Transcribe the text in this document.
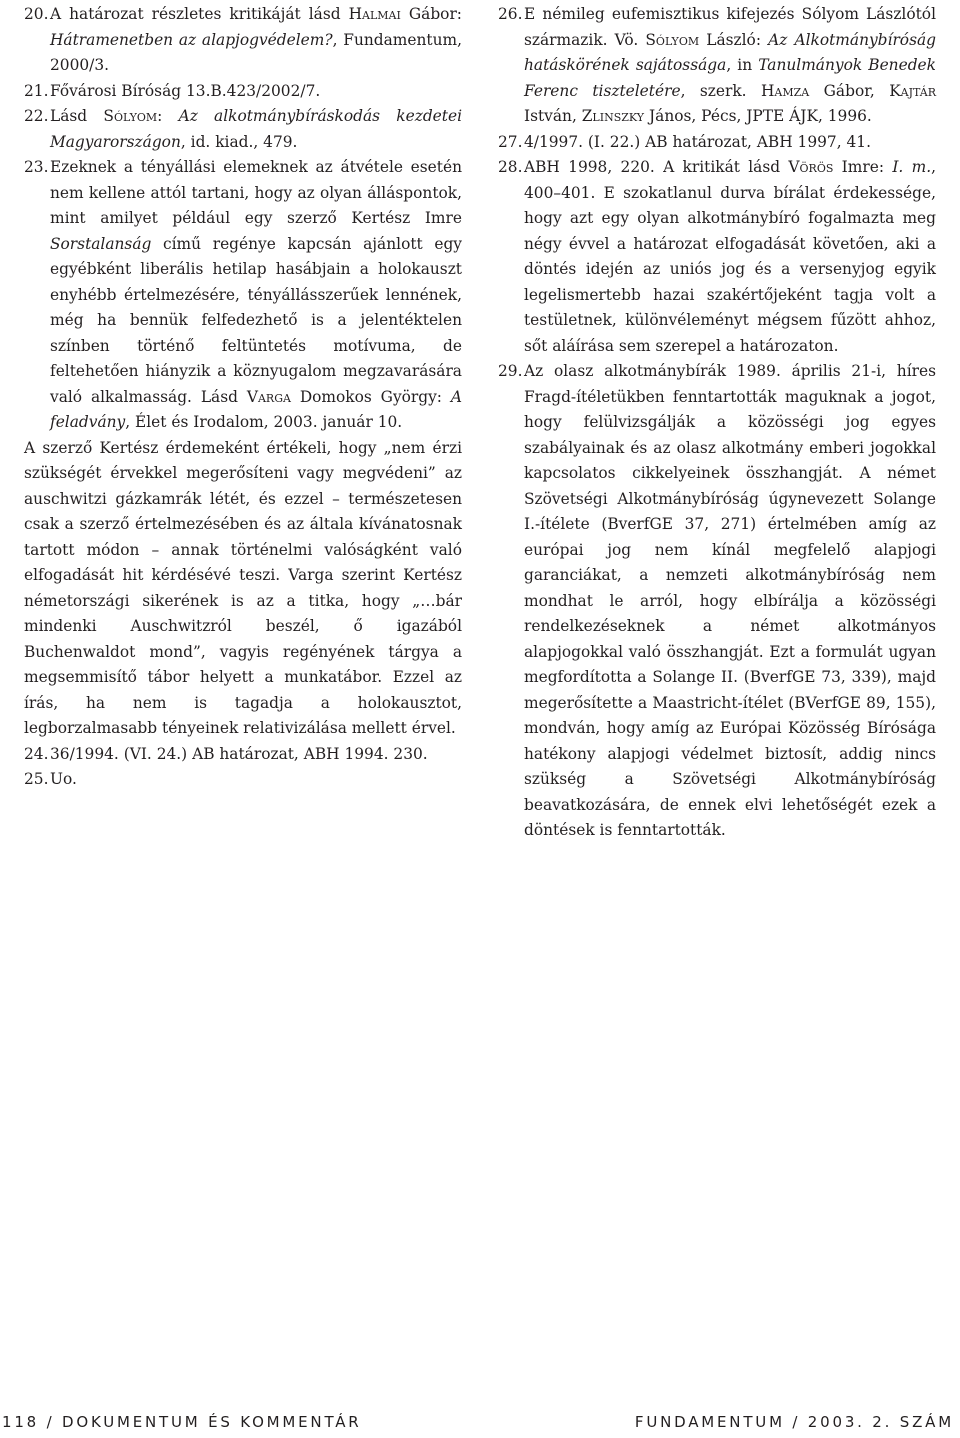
20.A határozat részletes kritikáját lásd Halmai Gábor: Hátramenetben az alapjogvédelem?, Fundamentum, 2000/3.

21.Fővárosi Bíróság 13.B.423/2002/7.

22.Lásd Sólyom: Az alkotmánybíráskodás kezdetei Magyarországon, id. kiad., 479.

23.Ezeknek a tényállási elemeknek az átvétele esetén nem kellene attól tartani, hogy az olyan álláspontok, mint amilyet például egy szerző Kertész Imre Sorstalanság című regénye kapcsán ajánlott egy egyébként liberális hetilap hasábjain a holokauszt enyhébb értelmezésére, tényállásszerűek lennének, még ha bennük felfedezhető is a jelentéktelen színben történő feltüntetés motívuma, de feltehetően hiányzik a köznyugalom megzavarására való alkalmasság. Lásd Varga Domokos György: A feladvány, Élet és Irodalom, 2003. január 10.

A szerző Kertész érdemeként értékeli, hogy „nem érzi szükségét érvekkel megerősíteni vagy megvédeni” az auschwitzi gázkamrák létét, és ezzel – természetesen csak a szerző értelmezésében és az általa kívánatosnak tartott módon – annak történelmi valóságként való elfogadását hit kérdésévé teszi. Varga szerint Kertész németországi sikerének is az a titka, hogy „…bár mindenki Auschwitzról beszél, ő igazából Buchenwaldot mond”, vagyis regényének tárgya a megsemmisítő tábor helyett a munkatábor. Ezzel az írás, ha nem is tagadja a holokausztot, legborzalmasabb tényeinek relativizálása mellett érvel.

24.36/1994. (VI. 24.) AB határozat, ABH 1994. 230.

25.Uo.

26.E némileg eufemisztikus kifejezés Sólyom Lászlótól származik. Vö. Sólyom László: Az Alkotmánybíróság hatáskörének sajátossága, in Tanulmányok Benedek Ferenc tiszteletére, szerk. Hamza Gábor, Kajtár István, Zlinszky János, Pécs, JPTE ÁJK, 1996.

27.4/1997. (I. 22.) AB határozat, ABH 1997, 41.

28.ABH 1998, 220. A kritikát lásd Vörös Imre: I. m., 400–401. E szokatlanul durva bírálat érdekessége, hogy azt egy olyan alkotmánybíró fogalmazta meg négy évvel a határozat elfogadását követően, aki a döntés idején az uniós jog és a versenyjog egyik legelismertebb hazai szakértőjeként tagja volt a testületnek, különvéleményt mégsem fűzött ahhoz, sőt aláírása sem szerepel a határozaton.

29.Az olasz alkotmánybírák 1989. április 21-i, híres Fragd-ítéletükben fenntartották maguknak a jogot, hogy felülvizsgálják a közösségi jog egyes szabályainak és az olasz alkotmány emberi jogokkal kapcsolatos cikkelyeinek összhangját. A német Szövetségi Alkotmánybíróság úgynevezett Solange I.-ítélete (BverfGE 37, 271) értelmében amíg az európai jog nem kínál megfelelő alapjogi garanciákat, a nemzeti alkotmánybíróság nem mondhat le arról, hogy elbírálja a közösségi rendelkezéseknek a német alkotmányos alapjogokkal való összhangját. Ezt a formulát ugyan megfordította a Solange II. (BverfGE 73, 339), majd megerősítette a Maastricht-ítélet (BVerfGE 89, 155), mondván, hogy amíg az Európai Közösség Bírósága hatékony alapjogi védelmet biztosít, addig nincs szükség a Szövetségi Alkotmánybíróság beavatkozására, de ennek elvi lehetőségét ezek a döntések is fenntartották.

118 / DOKUMENTUM ÉS KOMMENTÁR	FUNDAMENTUM / 2003. 2. SZÁM
